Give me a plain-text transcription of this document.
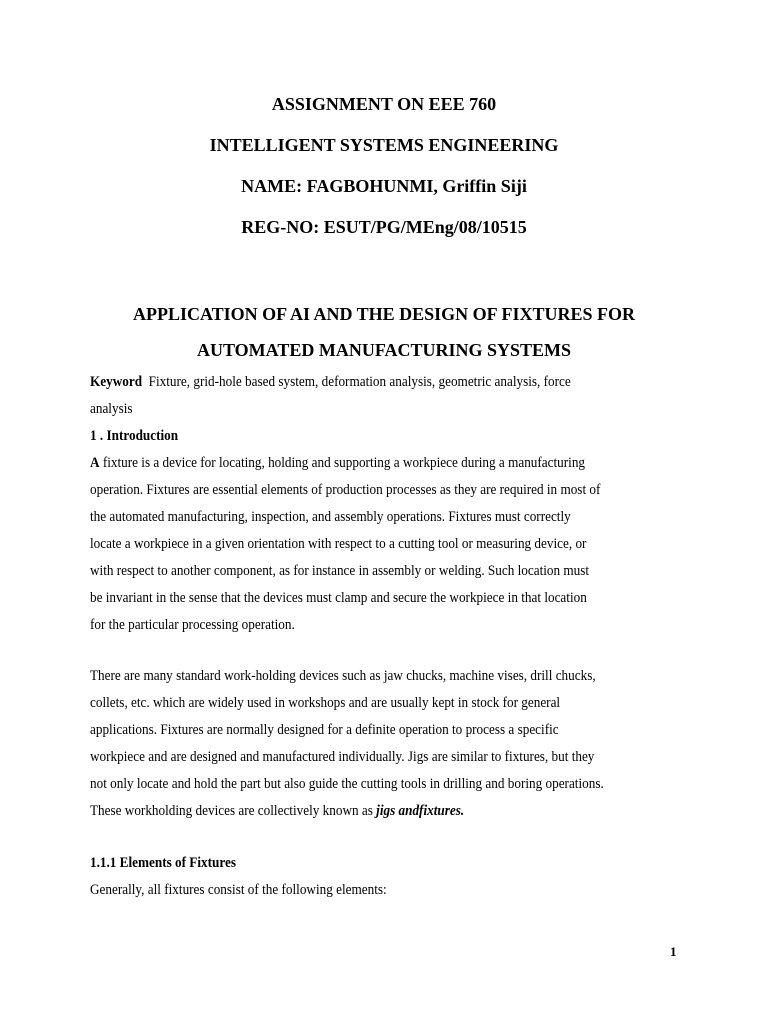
ASSIGNMENT ON EEE 760
INTELLIGENT SYSTEMS ENGINEERING
NAME: FAGBOHUNMI, Griffin Siji
REG-NO: ESUT/PG/MEng/08/10515
APPLICATION OF AI AND THE DESIGN OF FIXTURES FOR
AUTOMATED MANUFACTURING SYSTEMS

Keyword Fixture, grid-hole based system, deformation analysis, geometric analysis, force

analysis

1 . Introduction

A fixture is a device for locating, holding and supporting a workpiece during a manufacturing

operation. Fixtures are essential elements of production processes as they are required in most of

the automated manufacturing, inspection, and assembly operations. Fixtures must correctly

locate a workpiece in a given orientation with respect to a cutting tool or measuring device, or

with respect to another component, as for instance in assembly or welding. Such location must

be invariant in the sense that the devices must clamp and secure the workpiece in that location

for the particular processing operation.

There are many standard work-holding devices such as jaw chucks, machine vises, drill chucks,

collets, etc. which are widely used in workshops and are usually kept in stock for general

applications. Fixtures are normally designed for a definite operation to process a specific

workpiece and are designed and manufactured individually. Jigs are similar to fixtures, but they

not only locate and hold the part but also guide the cutting tools in drilling and boring operations.

These workholding devices are collectively known as jigs andfixtures.

1.1.1 Elements of Fixtures

Generally, all fixtures consist of the following elements:

1
